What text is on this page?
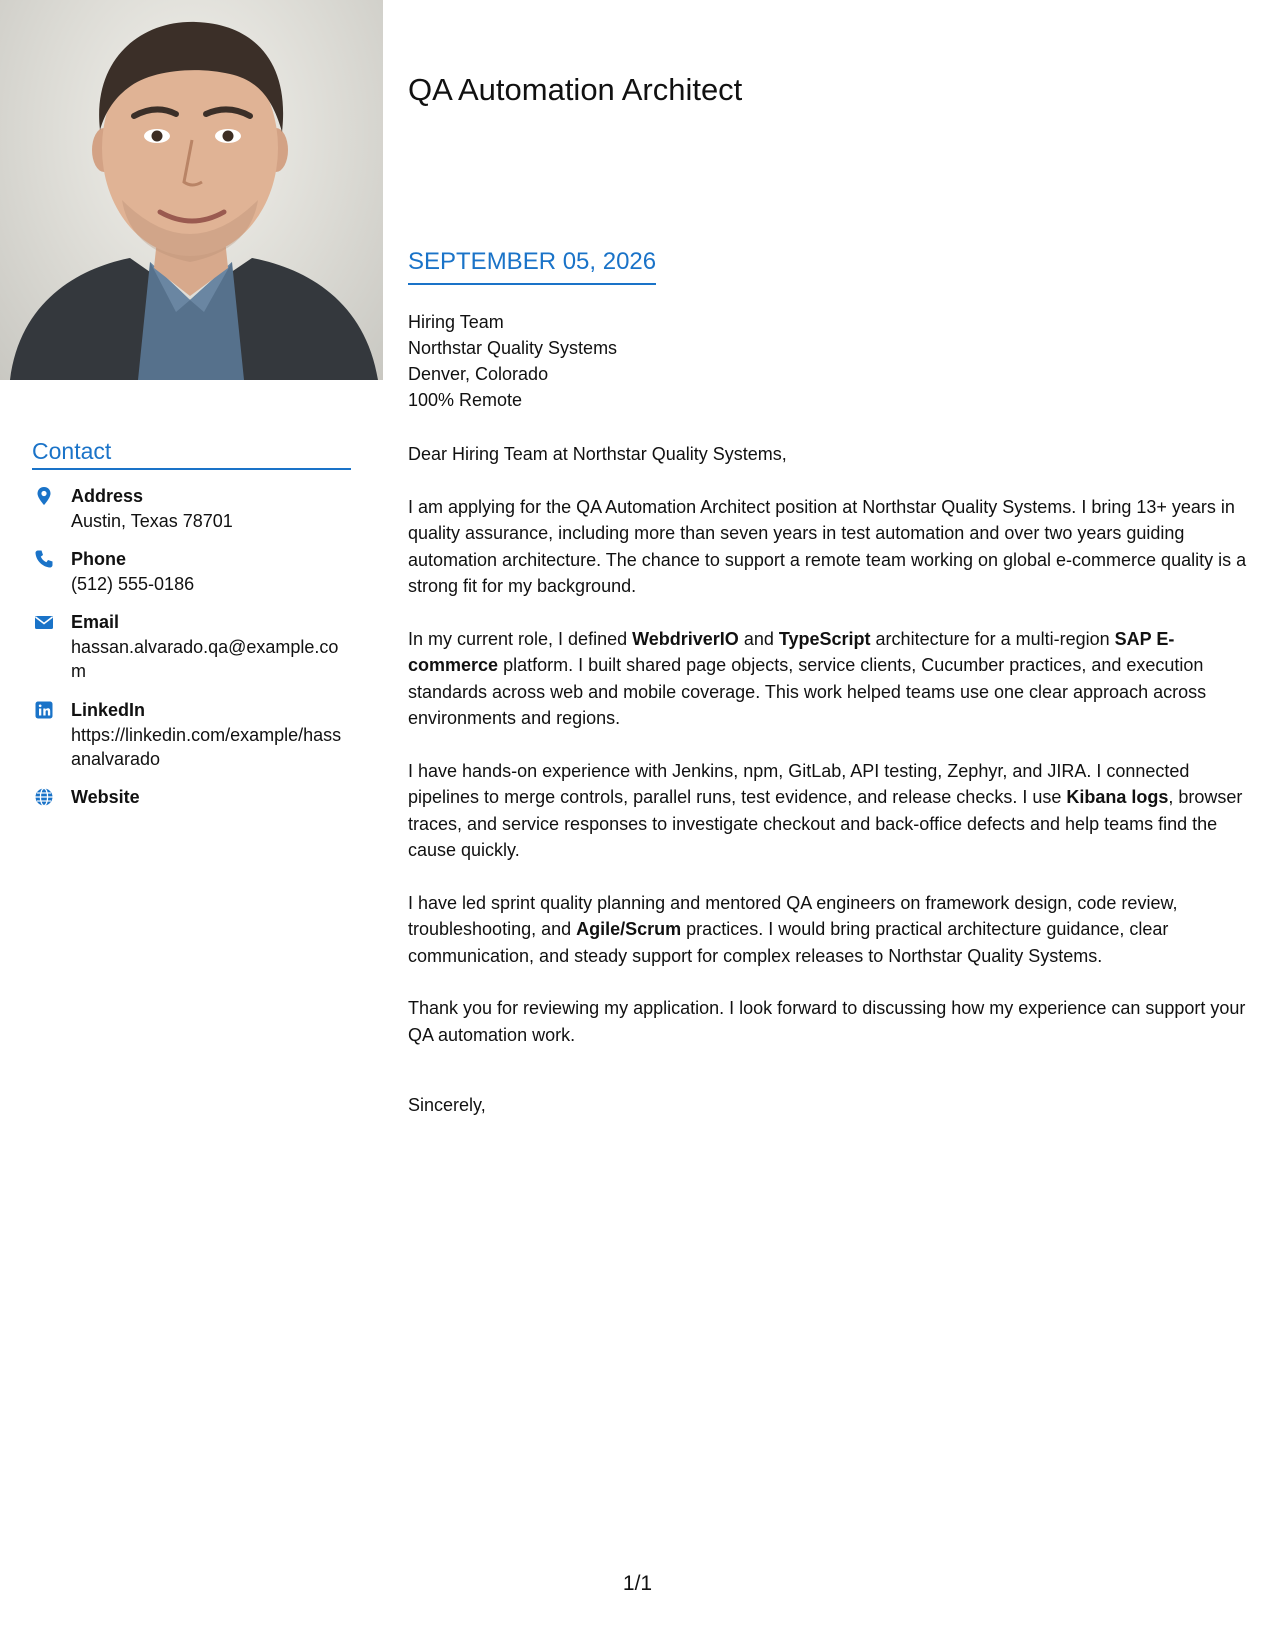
QA Automation Architect
SEPTEMBER 05, 2026
Hiring Team
Northstar Quality Systems
Denver, Colorado
100% Remote
Contact
Address
Austin, Texas 78701
Phone
(512) 555-0186
Email
hassan.alvarado.qa@example.com
LinkedIn
https://linkedin.com/example/hassanalvarado
Website

Dear Hiring Team at Northstar Quality Systems,

I am applying for the QA Automation Architect position at Northstar Quality Systems. I bring 13+ years in quality assurance, including more than seven years in test automation and over two years guiding automation architecture. The chance to support a remote team working on global e-commerce quality is a strong fit for my background.

In my current role, I defined WebdriverIO and TypeScript architecture for a multi-region SAP E-commerce platform. I built shared page objects, service clients, Cucumber practices, and execution standards across web and mobile coverage. This work helped teams use one clear approach across environments and regions.

I have hands-on experience with Jenkins, npm, GitLab, API testing, Zephyr, and JIRA. I connected pipelines to merge controls, parallel runs, test evidence, and release checks. I use Kibana logs, browser traces, and service responses to investigate checkout and back-office defects and help teams find the cause quickly.

I have led sprint quality planning and mentored QA engineers on framework design, code review, troubleshooting, and Agile/Scrum practices. I would bring practical architecture guidance, clear communication, and steady support for complex releases to Northstar Quality Systems.

Thank you for reviewing my application. I look forward to discussing how my experience can support your QA automation work.

Sincerely,

1/1
